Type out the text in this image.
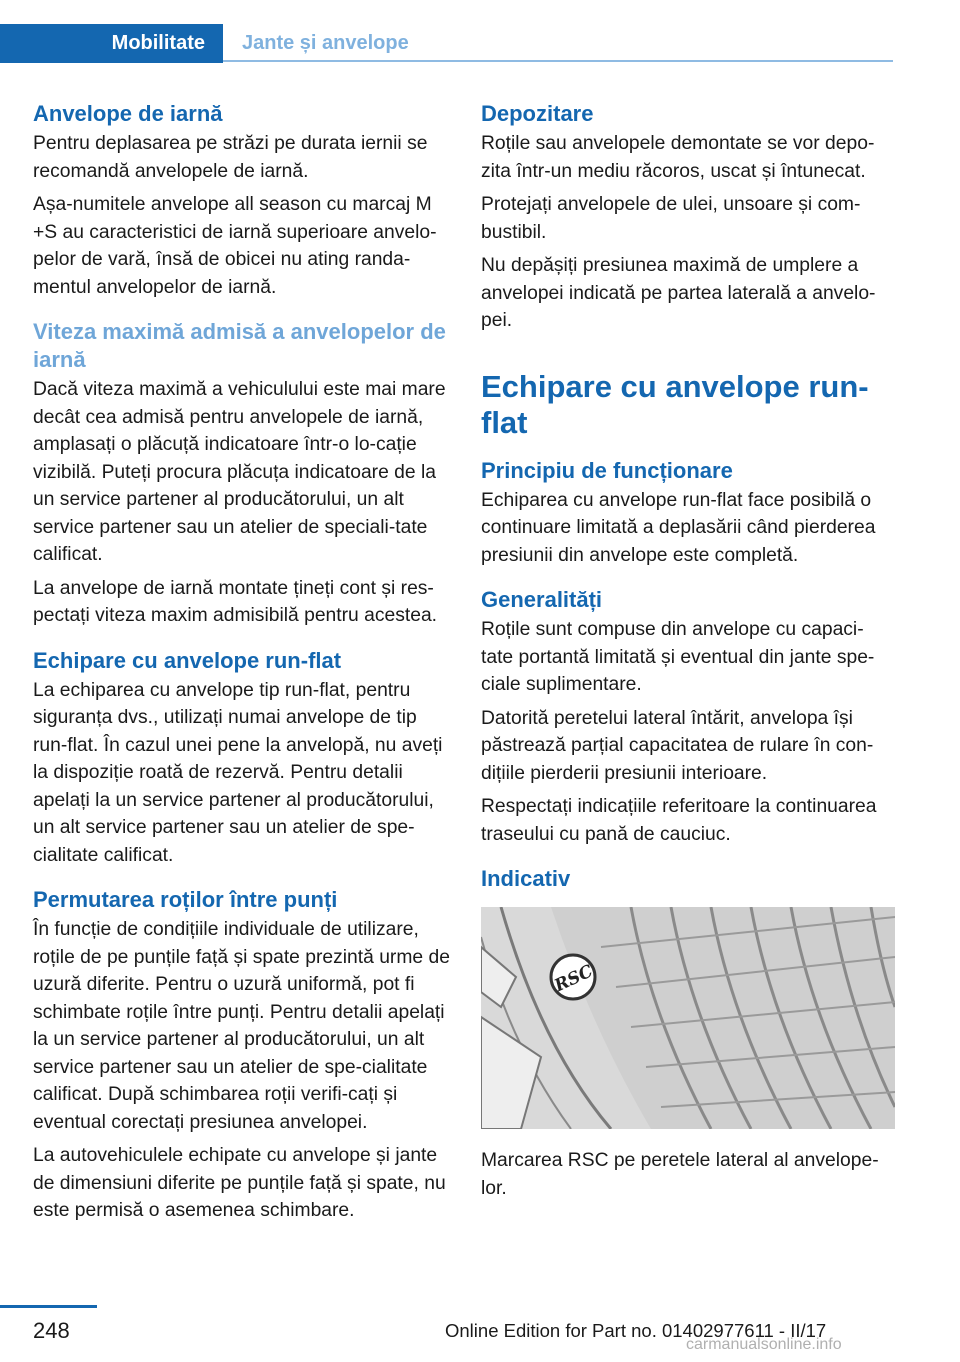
Mobilitate Jante și anvelope
Anvelope de iarnă

Pentru deplasarea pe străzi pe durata iernii se recomandă anvelopele de iarnă.

Așa-numitele anvelope all season cu marcaj M +S au caracteristici de iarnă superioare anvelo‐pelor de vară, însă de obicei nu ating randa‐mentul anvelopelor de iarnă.

Viteza maximă admisă a anvelopelor de iarnă

Dacă viteza maximă a vehiculului este mai mare decât cea admisă pentru anvelopele de iarnă, amplasați o plăcuță indicatoare într-o lo‐cație vizibilă. Puteți procura plăcuța indicatoare de la un service partener al producătorului, un alt service partener sau un atelier de speciali‐tate calificat.

La anvelope de iarnă montate țineți cont și res‐pectați viteza maxim admisibilă pentru acestea.

Echipare cu anvelope run-flat

La echiparea cu anvelope tip run-flat, pentru siguranța dvs., utilizați numai anvelope de tip run-flat. În cazul unei pene la anvelopă, nu aveți la dispoziție roată de rezervă. Pentru detalii apelați la un service partener al producătorului, un alt service partener sau un atelier de spe‐cialitate calificat.

Permutarea roților între punți

În funcție de condițiile individuale de utilizare, roțile de pe punțile față și spate prezintă urme de uzură diferite. Pentru o uzură uniformă, pot fi schimbate roțile între punți. Pentru detalii apelați la un service partener al producătorului, un alt service partener sau un atelier de spe‐cialitate calificat. După schimbarea roții verifi‐cați și eventual corectați presiunea anvelopei.

La autovehiculele echipate cu anvelope și jante de dimensiuni diferite pe punțile față și spate, nu este permisă o asemenea schimbare.

Depozitare

Roțile sau anvelopele demontate se vor depo‐zita într-un mediu răcoros, uscat și întunecat.

Protejați anvelopele de ulei, unsoare și com‐bustibil.

Nu depășiți presiunea maximă de umplere a anvelopei indicată pe partea laterală a anvelo‐pei.

Echipare cu anvelope run-flat
Principiu de funcționare

Echiparea cu anvelope run-flat face posibilă o continuare limitată a deplasării când pierderea presiunii din anvelope este completă.

Generalități

Roțile sunt compuse din anvelope cu capaci‐tate portantă limitată și eventual din jante spe‐ciale suplimentare.

Datorită peretelui lateral întărit, anvelopa își păstrează parțial capacitatea de rulare în con‐dițiile pierderii presiunii interioare.

Respectați indicațiile referitoare la continuarea traseului cu pană de cauciuc.

Indicativ
RSC

Marcarea RSC pe peretele lateral al anvelope‐lor.

248	Online Edition for Part no. 01402977611 - II/17
carmanualsonline.info
